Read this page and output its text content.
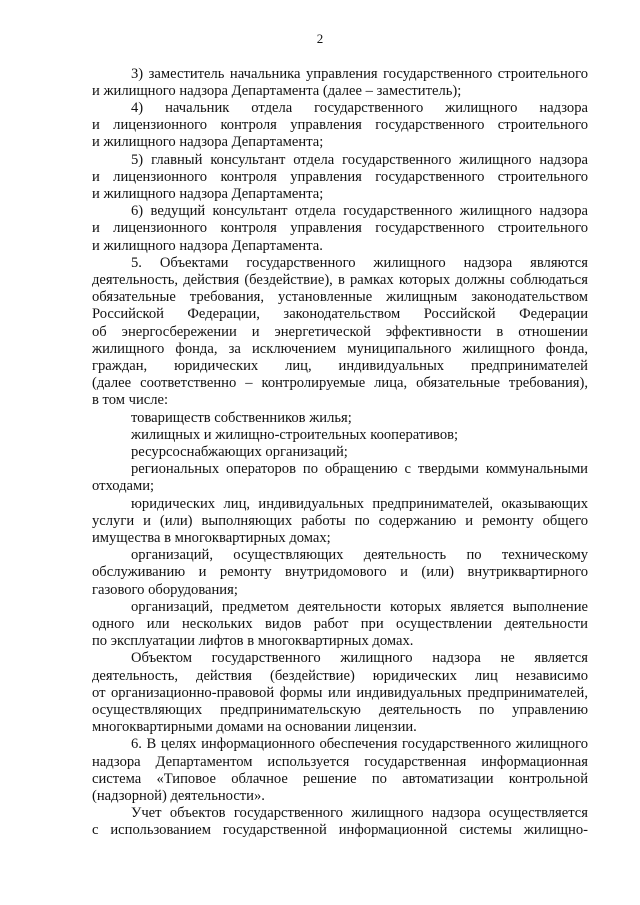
2
3) заместитель начальника управления государственного строительного
и жилищного надзора Департамента (далее – заместитель);
4) начальник отдела государственного жилищного надзора
и лицензионного контроля управления государственного строительного
и жилищного надзора Департамента;
5) главный консультант отдела государственного жилищного надзора
и лицензионного контроля управления государственного строительного
и жилищного надзора Департамента;
6) ведущий консультант отдела государственного жилищного надзора
и лицензионного контроля управления государственного строительного
и жилищного надзора Департамента.
5. Объектами государственного жилищного надзора являются
деятельность, действия (бездействие), в рамках которых должны соблюдаться
обязательные требования, установленные жилищным законодательством
Российской Федерации, законодательством Российской Федерации
об энергосбережении и энергетической эффективности в отношении
жилищного фонда, за исключением муниципального жилищного фонда,
граждан, юридических лиц, индивидуальных предпринимателей
(далее соответственно – контролируемые лица, обязательные требования),
в том числе:
товариществ собственников жилья;
жилищных и жилищно-строительных кооперативов;
ресурсоснабжающих организаций;
региональных операторов по обращению с твердыми коммунальными
отходами;
юридических лиц, индивидуальных предпринимателей, оказывающих
услуги и (или) выполняющих работы по содержанию и ремонту общего
имущества в многоквартирных домах;
организаций, осуществляющих деятельность по техническому
обслуживанию и ремонту внутридомового и (или) внутриквартирного
газового оборудования;
организаций, предметом деятельности которых является выполнение
одного или нескольких видов работ при осуществлении деятельности
по эксплуатации лифтов в многоквартирных домах.
Объектом государственного жилищного надзора не является
деятельность, действия (бездействие) юридических лиц независимо
от организационно-правовой формы или индивидуальных предпринимателей,
осуществляющих предпринимательскую деятельность по управлению
многоквартирными домами на основании лицензии.
6. В целях информационного обеспечения государственного жилищного
надзора Департаментом используется государственная информационная
система «Типовое облачное решение по автоматизации контрольной
(надзорной) деятельности».
Учет объектов государственного жилищного надзора осуществляется
с использованием государственной информационной системы жилищно-
